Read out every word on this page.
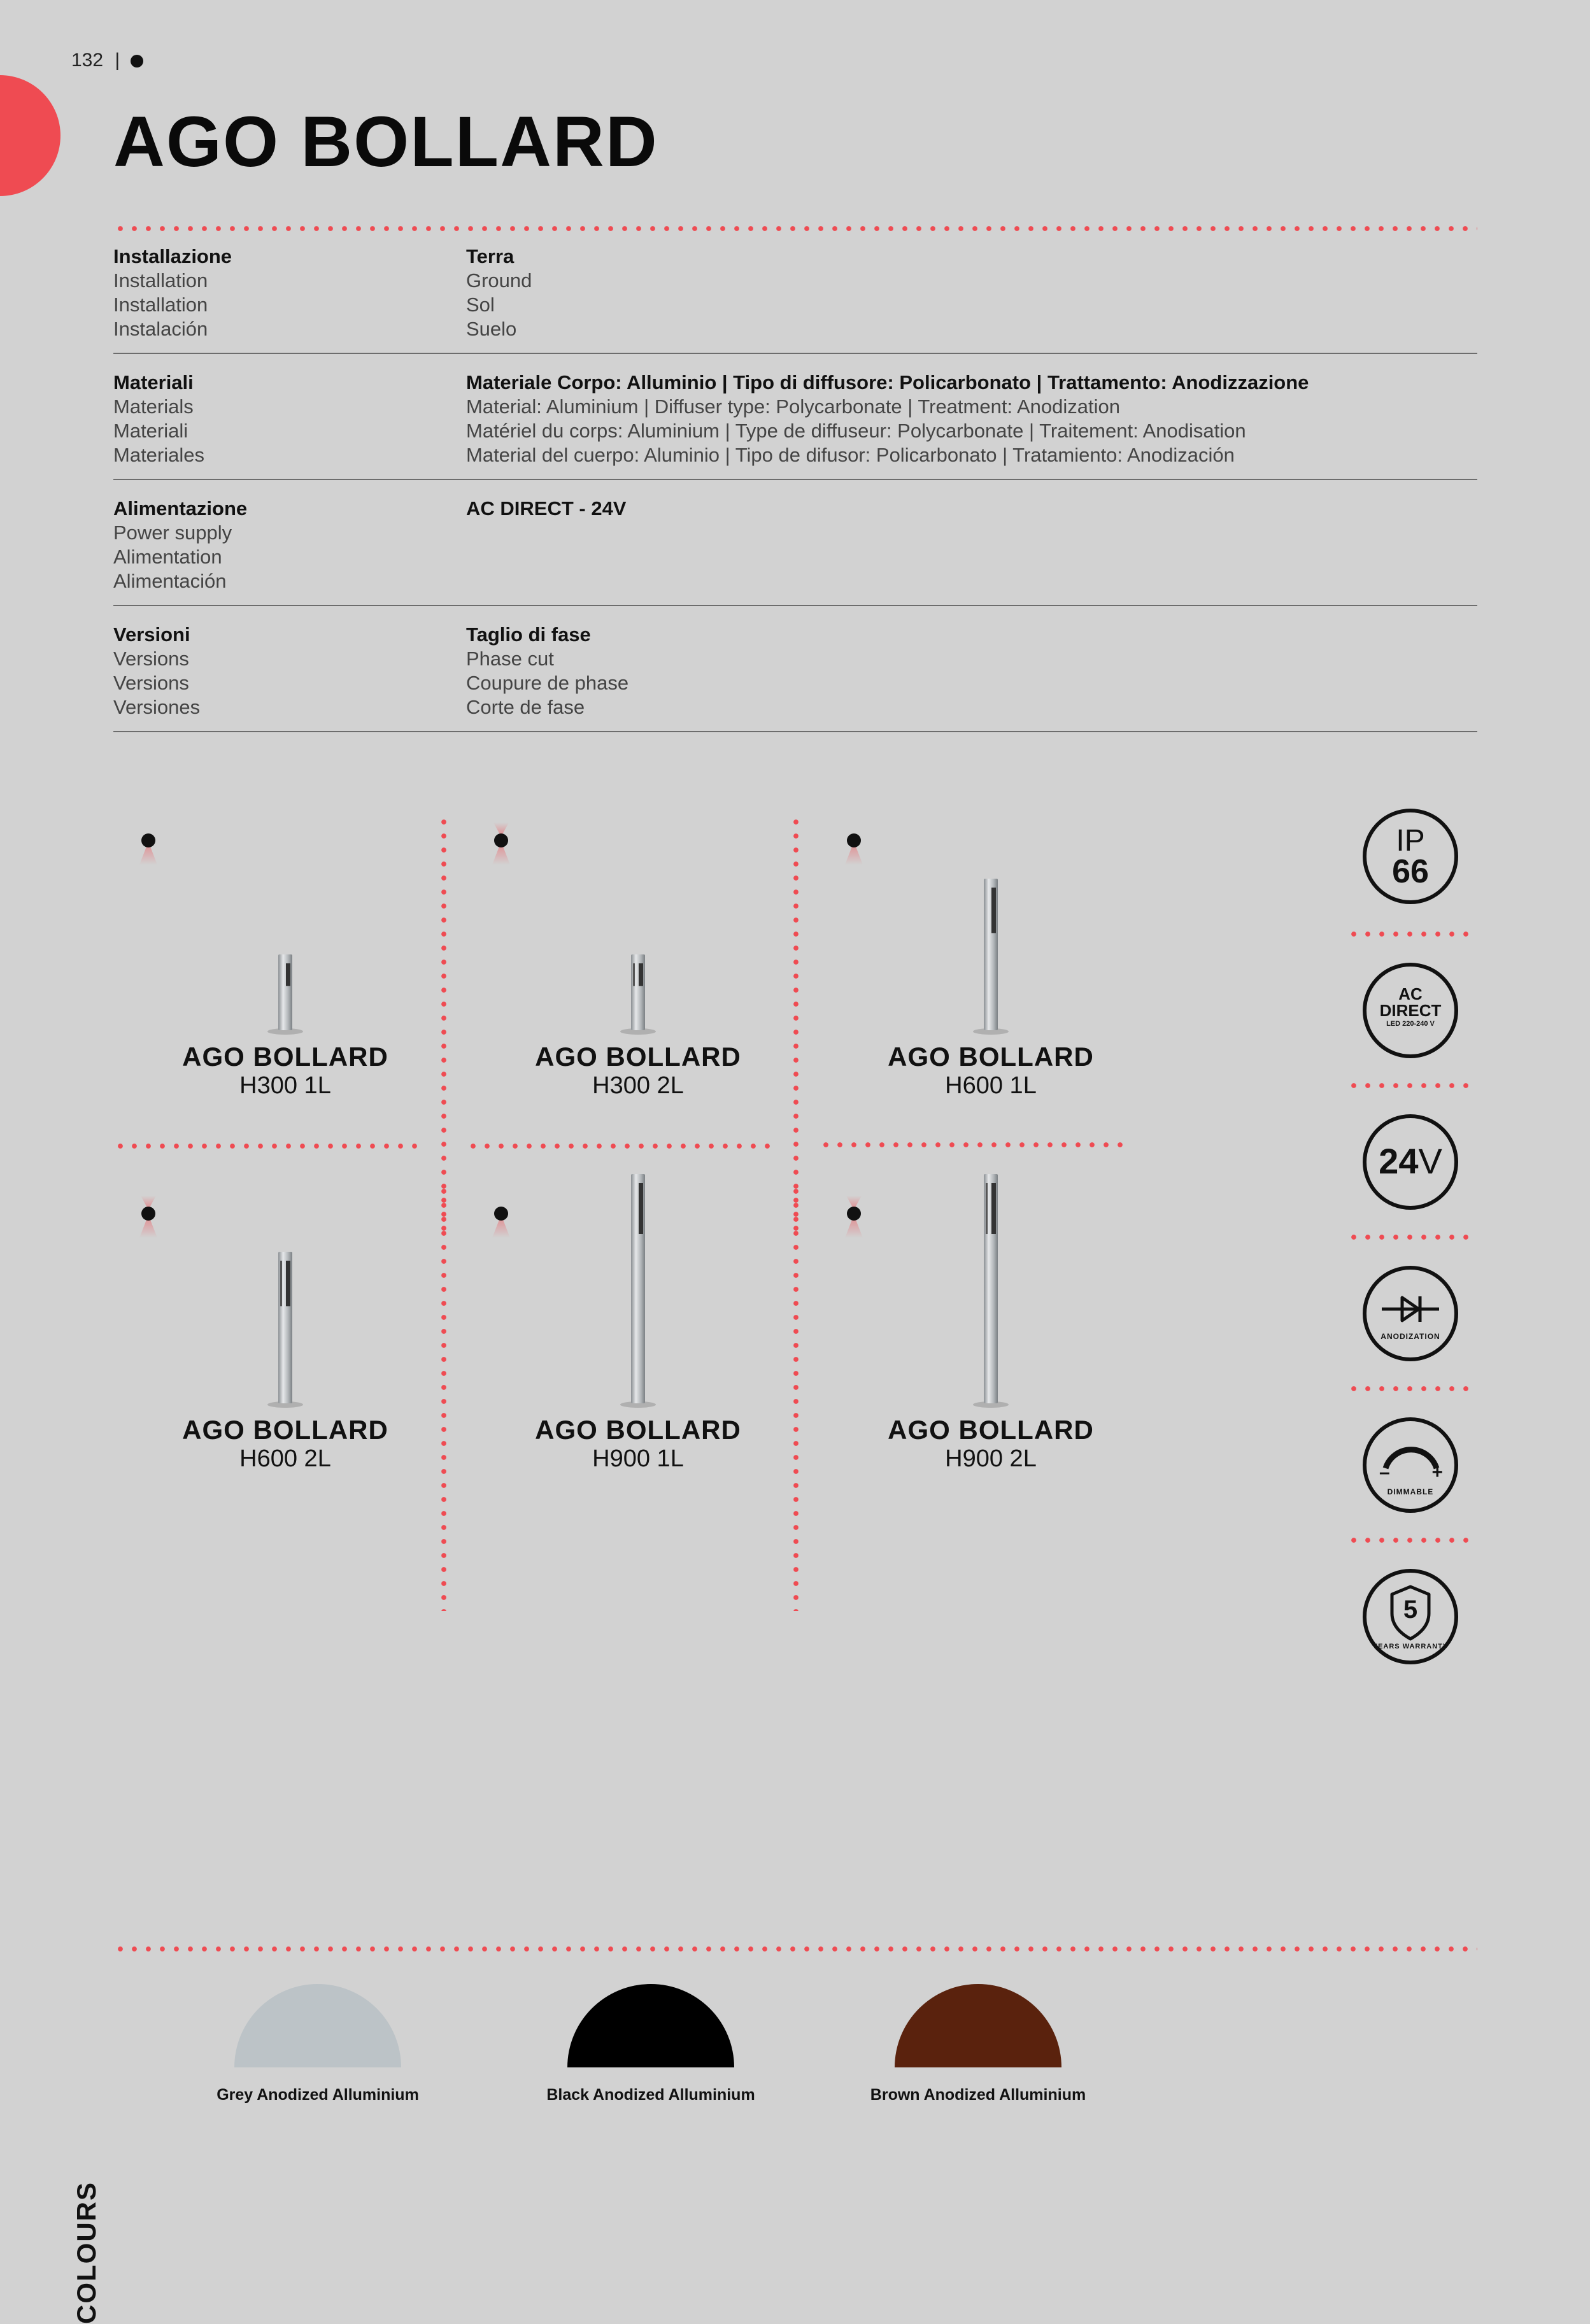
132 |
AGO BOLLARD
Installazione
Installation
Installation
Instalación
Terra
Ground
Sol
Suelo
Materiali
Materials
Materiali
Materiales
Materiale Corpo: Alluminio | Tipo di diffusore: Policarbonato | Trattamento: Anodizzazione
Material: Aluminium | Diffuser type: Polycarbonate | Treatment: Anodization
Matériel du corps: Aluminium | Type de diffuseur: Polycarbonate | Traitement: Anodisation
Material del cuerpo: Aluminio | Tipo de difusor: Policarbonato | Tratamiento: Anodización
Alimentazione
Power supply
Alimentation
Alimentación
AC DIRECT - 24V
Versioni
Versions
Versions
Versiones
Taglio di fase
Phase cut
Coupure de phase
Corte de fase
AGO BOLLARD
H300 1L
AGO BOLLARD
H300 2L
AGO BOLLARD
H600 1L
AGO BOLLARD
H600 2L
AGO BOLLARD
H900 1L
AGO BOLLARD
H900 2L
IP
66
AC
DIRECT
LED 220-240 V
24V
ANODIZATION
– +
DIMMABLE
5
YEARS WARRANTY
COLOURS
Grey Anodized Alluminium	Black Anodized Alluminium	Brown Anodized Alluminium
